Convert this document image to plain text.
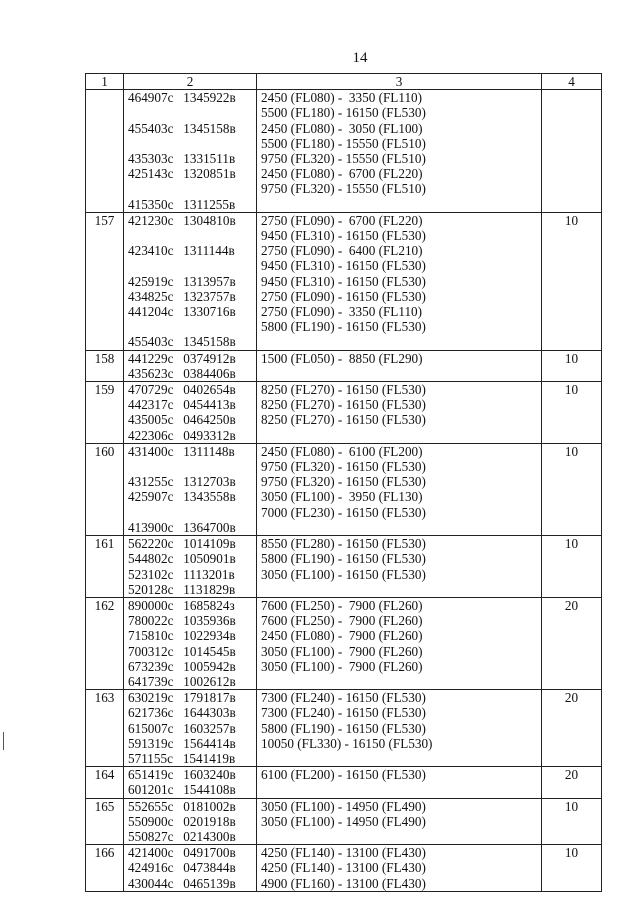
14
1	2	3	4
	464907с   1345922в	2450 (FL080) -  3350 (FL110)	
		5500 (FL180) - 16150 (FL530)	
	455403с   1345158в	2450 (FL080) -  3050 (FL100)	
		5500 (FL180) - 15550 (FL510)	
	435303с   1331511в	9750 (FL320) - 15550 (FL510)	
	425143с   1320851в	2450 (FL080) -  6700 (FL220)	
		9750 (FL320) - 15550 (FL510)	
	415350с   1311255в		
157	421230с   1304810в	2750 (FL090) -  6700 (FL220)	10
		9450 (FL310) - 16150 (FL530)	
	423410с   1311144в	2750 (FL090) -  6400 (FL210)	
		9450 (FL310) - 16150 (FL530)	
	425919с   1313957в	9450 (FL310) - 16150 (FL530)	
	434825с   1323757в	2750 (FL090) - 16150 (FL530)	
	441204с   1330716в	2750 (FL090) -  3350 (FL110)	
		5800 (FL190) - 16150 (FL530)	
	455403с   1345158в		
158	441229с   0374912в	1500 (FL050) -  8850 (FL290)	10
	435623с   0384406в		
159	470729с   0402654в	8250 (FL270) - 16150 (FL530)	10
	442317с   0454413в	8250 (FL270) - 16150 (FL530)	
	435005с   0464250в	8250 (FL270) - 16150 (FL530)	
	422306с   0493312в		
160	431400с   1311148в	2450 (FL080) -  6100 (FL200)	10
		9750 (FL320) - 16150 (FL530)	
	431255с   1312703в	9750 (FL320) - 16150 (FL530)	
	425907с   1343558в	3050 (FL100) -  3950 (FL130)	
		7000 (FL230) - 16150 (FL530)	
	413900с   1364700в		
161	562220с   1014109в	8550 (FL280) - 16150 (FL530)	10
	544802с   1050901в	5800 (FL190) - 16150 (FL530)	
	523102с   1113201в	3050 (FL100) - 16150 (FL530)	
	520128с   1131829в		
162	890000с   1685824з	7600 (FL250) -  7900 (FL260)	20
	780022с   1035936в	7600 (FL250) -  7900 (FL260)	
	715810с   1022934в	2450 (FL080) -  7900 (FL260)	
	700312с   1014545в	3050 (FL100) -  7900 (FL260)	
	673239с   1005942в	3050 (FL100) -  7900 (FL260)	
	641739с   1002612в		
163	630219с   1791817в	7300 (FL240) - 16150 (FL530)	20
	621736с   1644303в	7300 (FL240) - 16150 (FL530)	
	615007с   1603257в	5800 (FL190) - 16150 (FL530)	
	591319с   1564414в	10050 (FL330) - 16150 (FL530)	
	571155с   1541419в		
164	651419с   1603240в	6100 (FL200) - 16150 (FL530)	20
	601201с   1544108в		
165	552655с   0181002в	3050 (FL100) - 14950 (FL490)	10
	550900с   0201918в	3050 (FL100) - 14950 (FL490)	
	550827с   0214300в		
166	421400с   0491700в	4250 (FL140) - 13100 (FL430)	10
	424916с   0473844в	4250 (FL140) - 13100 (FL430)	
	430044с   0465139в	4900 (FL160) - 13100 (FL430)	
